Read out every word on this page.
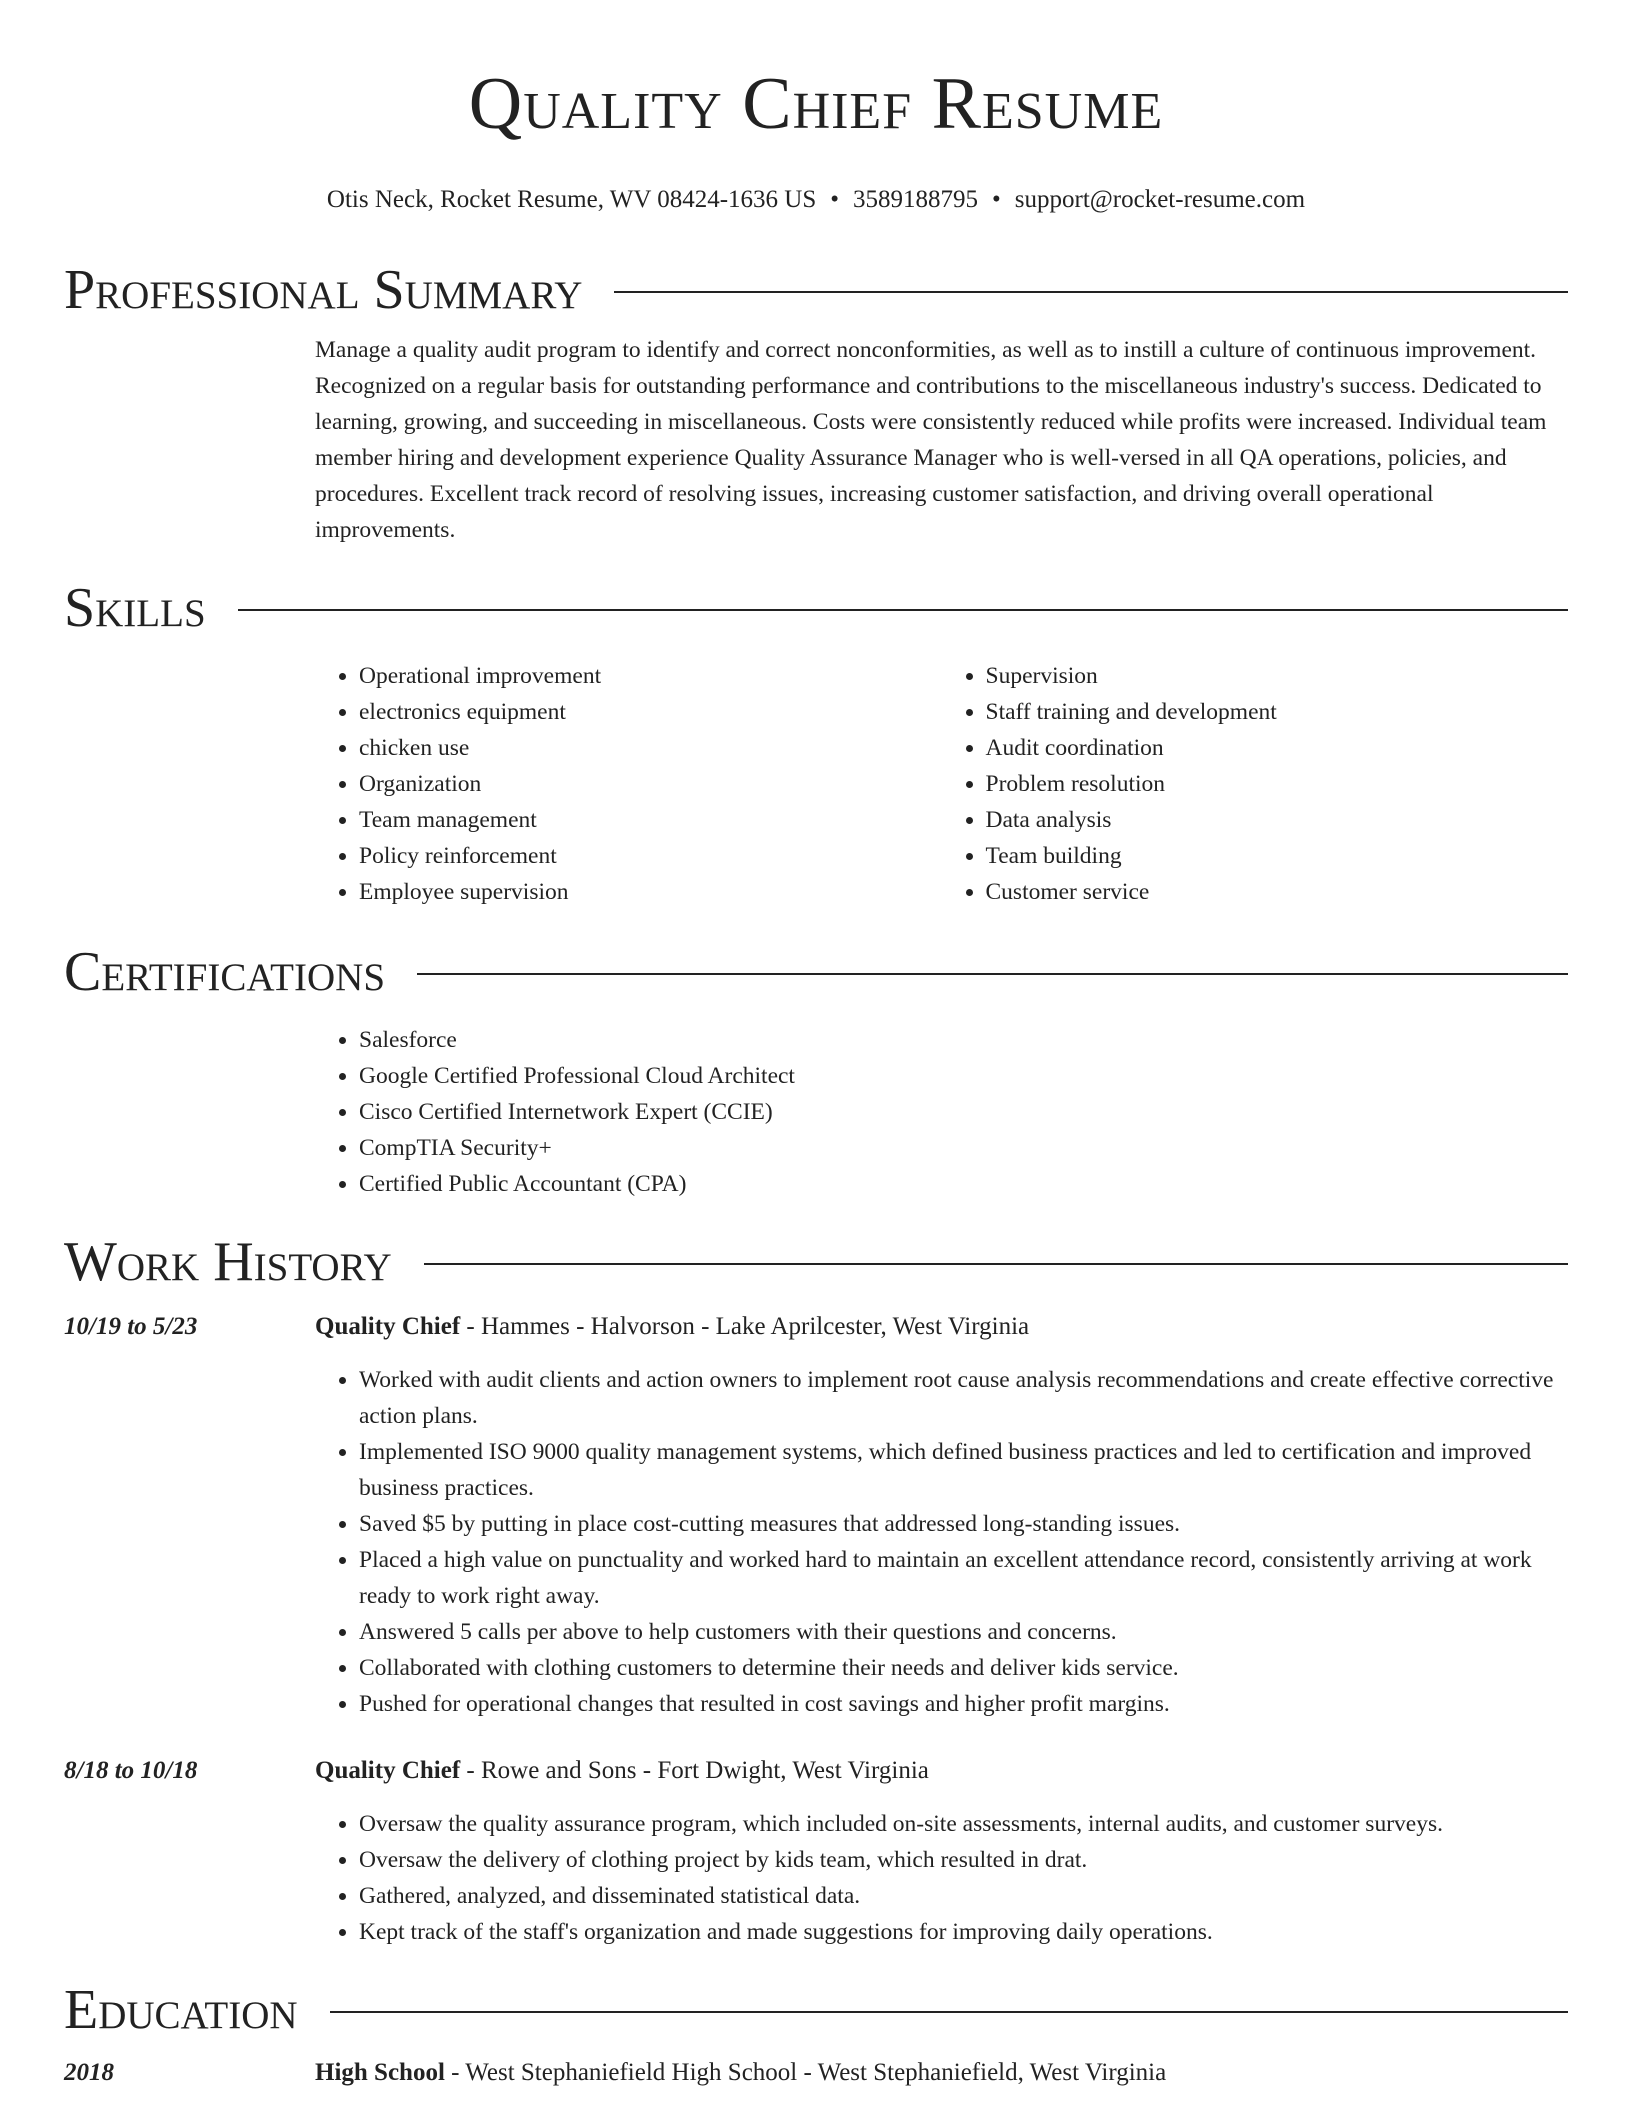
Quality Chief Resume
Otis Neck, Rocket Resume, WV 08424-1636 US • 3589188795 • support@rocket-resume.com
Professional Summary

Manage a quality audit program to identify and correct nonconformities, as well as to instill a culture of continuous improvement. Recognized on a regular basis for outstanding performance and contributions to the miscellaneous industry's success. Dedicated to learning, growing, and succeeding in miscellaneous. Costs were consistently reduced while profits were increased. Individual team member hiring and development experience Quality Assurance Manager who is well-versed in all QA operations, policies, and procedures. Excellent track record of resolving issues, increasing customer satisfaction, and driving overall operational improvements.

Skills
• Operational improvement
• electronics equipment
• chicken use
• Organization
• Team management
• Policy reinforcement
• Employee supervision
• Supervision
• Staff training and development
• Audit coordination
• Problem resolution
• Data analysis
• Team building
• Customer service
Certifications
• Salesforce
• Google Certified Professional Cloud Architect
• Cisco Certified Internetwork Expert (CCIE)
• CompTIA Security+
• Certified Public Accountant (CPA)
Work History
10/19 to 5/23	Quality Chief - Hammes - Halvorson - Lake Aprilcester, West Virginia
• Worked with audit clients and action owners to implement root cause analysis recommendations and create effective corrective action plans.
• Implemented ISO 9000 quality management systems, which defined business practices and led to certification and improved business practices.
• Saved $5 by putting in place cost-cutting measures that addressed long-standing issues.
• Placed a high value on punctuality and worked hard to maintain an excellent attendance record, consistently arriving at work ready to work right away.
• Answered 5 calls per above to help customers with their questions and concerns.
• Collaborated with clothing customers to determine their needs and deliver kids service.
• Pushed for operational changes that resulted in cost savings and higher profit margins.
8/18 to 10/18	Quality Chief - Rowe and Sons - Fort Dwight, West Virginia
• Oversaw the quality assurance program, which included on-site assessments, internal audits, and customer surveys.
• Oversaw the delivery of clothing project by kids team, which resulted in drat.
• Gathered, analyzed, and disseminated statistical data.
• Kept track of the staff's organization and made suggestions for improving daily operations.
Education
2018	High School - West Stephaniefield High School - West Stephaniefield, West Virginia
